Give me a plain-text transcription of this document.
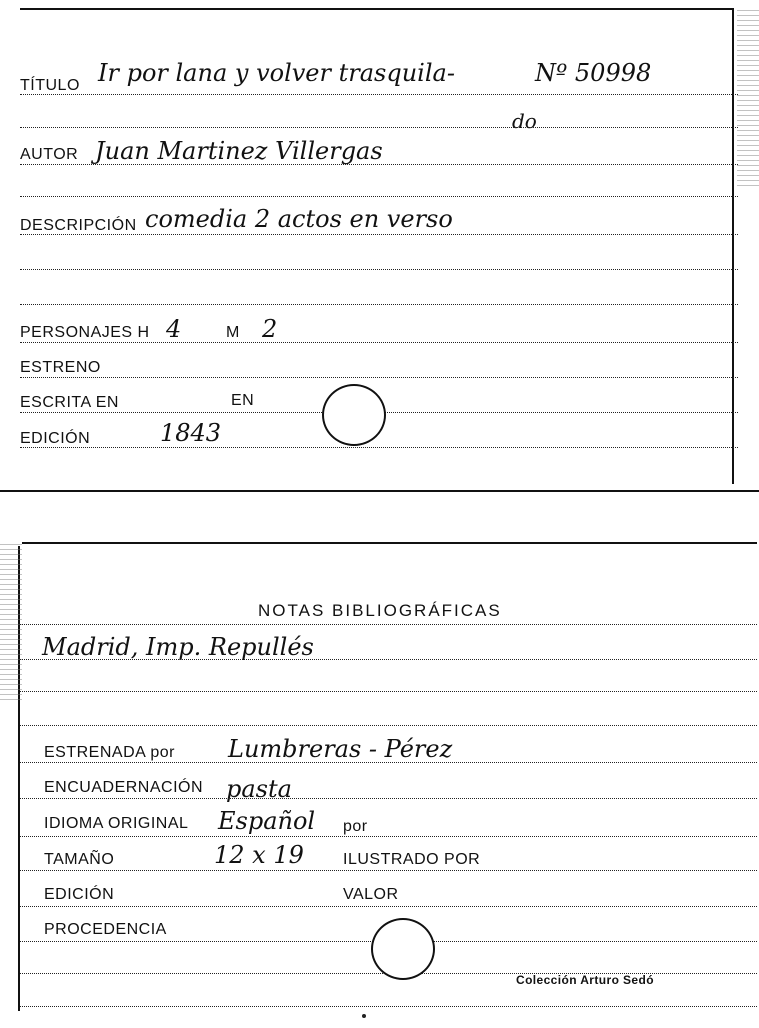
TÍTULO Ir por lana y volver trasquila-	Nº 50998
do
AUTOR Juan Martinez Villergas
DESCRIPCIÓN comedia 2 actos en verso
PERSONAJES H 4	M 2
ESTRENO
ESCRITA EN	EN
EDICIÓN	1843
NOTAS BIBLIOGRÁFICAS
Madrid, Imp. Repullés
ESTRENADA por Lumbreras - Pérez
ENCUADERNACIÓN pasta
IDIOMA ORIGINAL Español por
TAMAÑO	12 x 19 ILUSTRADO POR
EDICIÓN	VALOR
PROCEDENCIA
Colección Arturo Sedó
